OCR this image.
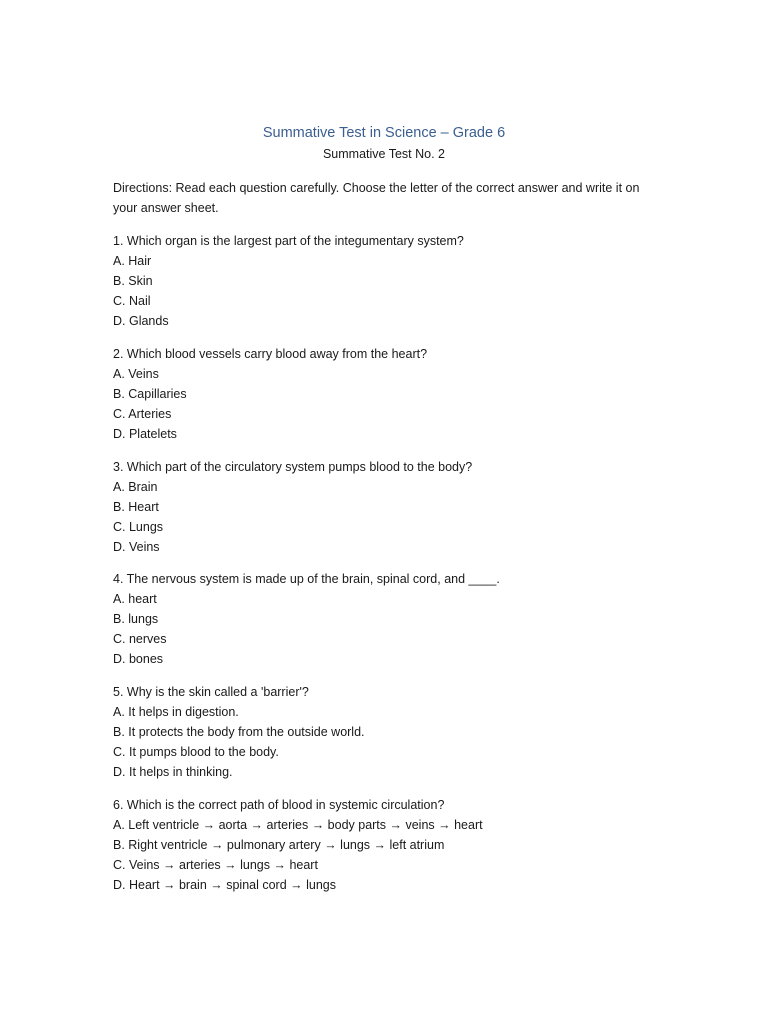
Summative Test in Science – Grade 6
Summative Test No. 2
Directions: Read each question carefully. Choose the letter of the correct answer and write it on your answer sheet.
1. Which organ is the largest part of the integumentary system?
A. Hair
B. Skin
C. Nail
D. Glands
2. Which blood vessels carry blood away from the heart?
A. Veins
B. Capillaries
C. Arteries
D. Platelets
3. Which part of the circulatory system pumps blood to the body?
A. Brain
B. Heart
C. Lungs
D. Veins
4. The nervous system is made up of the brain, spinal cord, and ____.
A. heart
B. lungs
C. nerves
D. bones
5. Why is the skin called a 'barrier'?
A. It helps in digestion.
B. It protects the body from the outside world.
C. It pumps blood to the body.
D. It helps in thinking.
6. Which is the correct path of blood in systemic circulation?
A. Left ventricle → aorta → arteries → body parts → veins → heart
B. Right ventricle → pulmonary artery → lungs → left atrium
C. Veins → arteries → lungs → heart
D. Heart → brain → spinal cord → lungs
